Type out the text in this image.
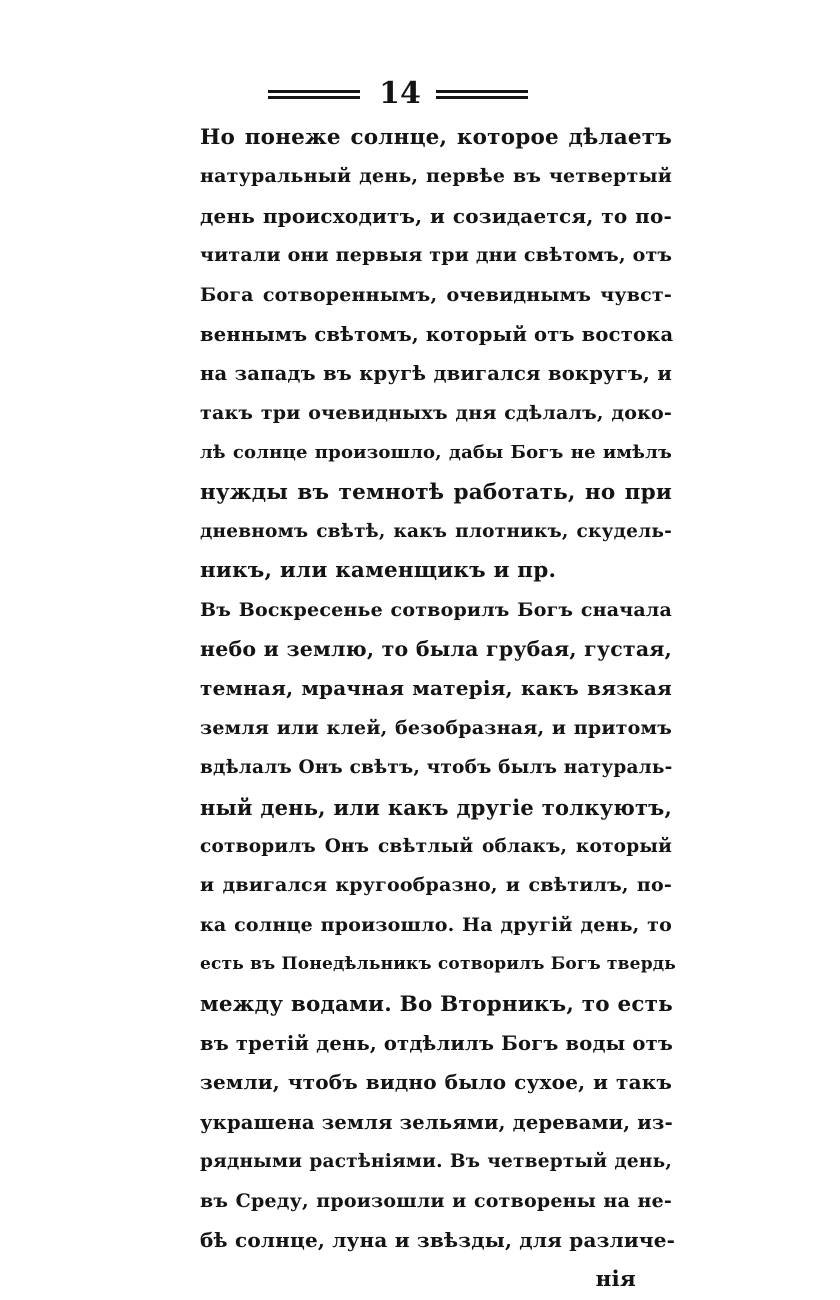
14
Но понеже солнце, которое дѣлаетъ
натуральный день, первѣе въ четвертый
день происходитъ, и созидается, то по-
читали они первыя три дни свѣтомъ, отъ
Бога сотвореннымъ, очевиднымъ чувст-
веннымъ свѣтомъ, который отъ востока
на западъ въ кругѣ двигался вокругъ, и
такъ три очевидныхъ дня сдѣлалъ, доко-
лѣ солнце произошло, дабы Богъ не имѣлъ
нужды въ темнотѣ работать, но при
дневномъ свѣтѣ, какъ плотникъ, скудель-
никъ, или каменщикъ и пр.
Въ Воскресенье сотворилъ Богъ сначала
небо и землю, то была грубая, густая,
темная, мрачная матерія, какъ вязкая
земля или клей, безобразная, и притомъ
вдѣлалъ Онъ свѣтъ, чтобъ былъ натураль-
ный день, или какъ другіе толкуютъ,
сотворилъ Онъ свѣтлый облакъ, который
и двигался кругообразно, и свѣтилъ, по-
ка солнце произошло. На другій день, то
есть въ Понедѣльникъ сотворилъ Богъ твердь
между водами. Во Вторникъ, то есть
въ третій день, отдѣлилъ Богъ воды отъ
земли, чтобъ видно было сухое, и такъ
украшена земля зельями, деревами, из-
рядными растѣніями. Въ четвертый день,
въ Среду, произошли и сотворены на не-
бѣ солнце, луна и звѣзды, для различе-
нія
